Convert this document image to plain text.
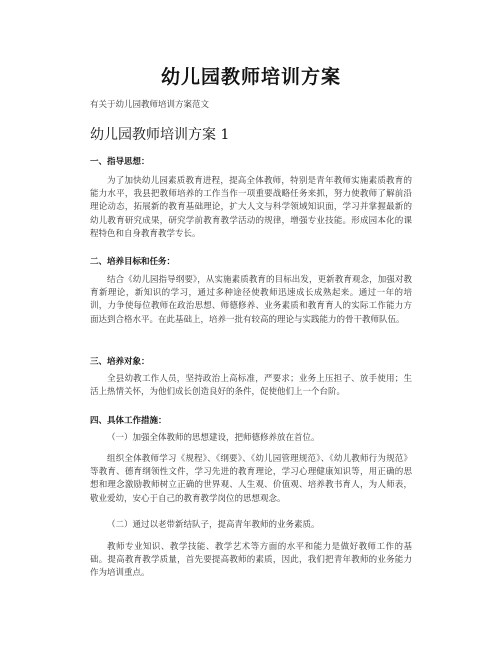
幼儿园教师培训方案
有关于幼儿园教师培训方案范文
幼儿园教师培训方案 1
一、指导思想：

为了加快幼儿园素质教育进程，提高全体教师，特别是青年教师实施素质教育的能力水平，我县把教师培养的工作当作一项重要战略任务来抓，努力使教师了解前沿理论动态，拓展新的教育基础理论，扩大人文与科学领域知识面，学习并掌握最新的幼儿教育研究成果，研究学前教育教学活动的规律，增强专业技能。形成园本化的课程特色和自身教育教学专长。

二、培养目标和任务：

结合《幼儿园指导纲要》，从实施素质教育的目标出发，更新教育观念，加强对教育新理论，新知识的学习，通过多种途径使教师迅速成长成熟起来。通过一年的培训，力争使每位教师在政治思想、师德修养、业务素质和教育育人的实际工作能力方面达到合格水平。在此基础上，培养一批有较高的理论与实践能力的骨干教师队伍。

三、培养对象：

全县幼教工作人员，坚持政治上高标准，严要求；业务上压担子、放手使用；生活上热情关怀，为他们成长创造良好的条件，促使他们上一个台阶。

四、具体工作措施：

（一）加强全体教师的思想建设，把师德修养放在首位。

组织全体教师学习《规程》、《纲要》、《幼儿园管理规范》、《幼儿教师行为规范》等教育、德育纲领性文件，学习先进的教育理论，学习心理健康知识等，用正确的思想和理念激励教师树立正确的世界观、人生观、价值观、培养教书育人，为人师表，敬业爱幼，安心于自己的教育教学岗位的思想观念。

（二）通过以老带新结队子，提高青年教师的业务素质。

教师专业知识、教学技能、教学艺术等方面的水平和能力是做好教师工作的基础。提高教育教学质量，首先要提高教师的素质，因此，我们把青年教师的业务能力作为培训重点。
